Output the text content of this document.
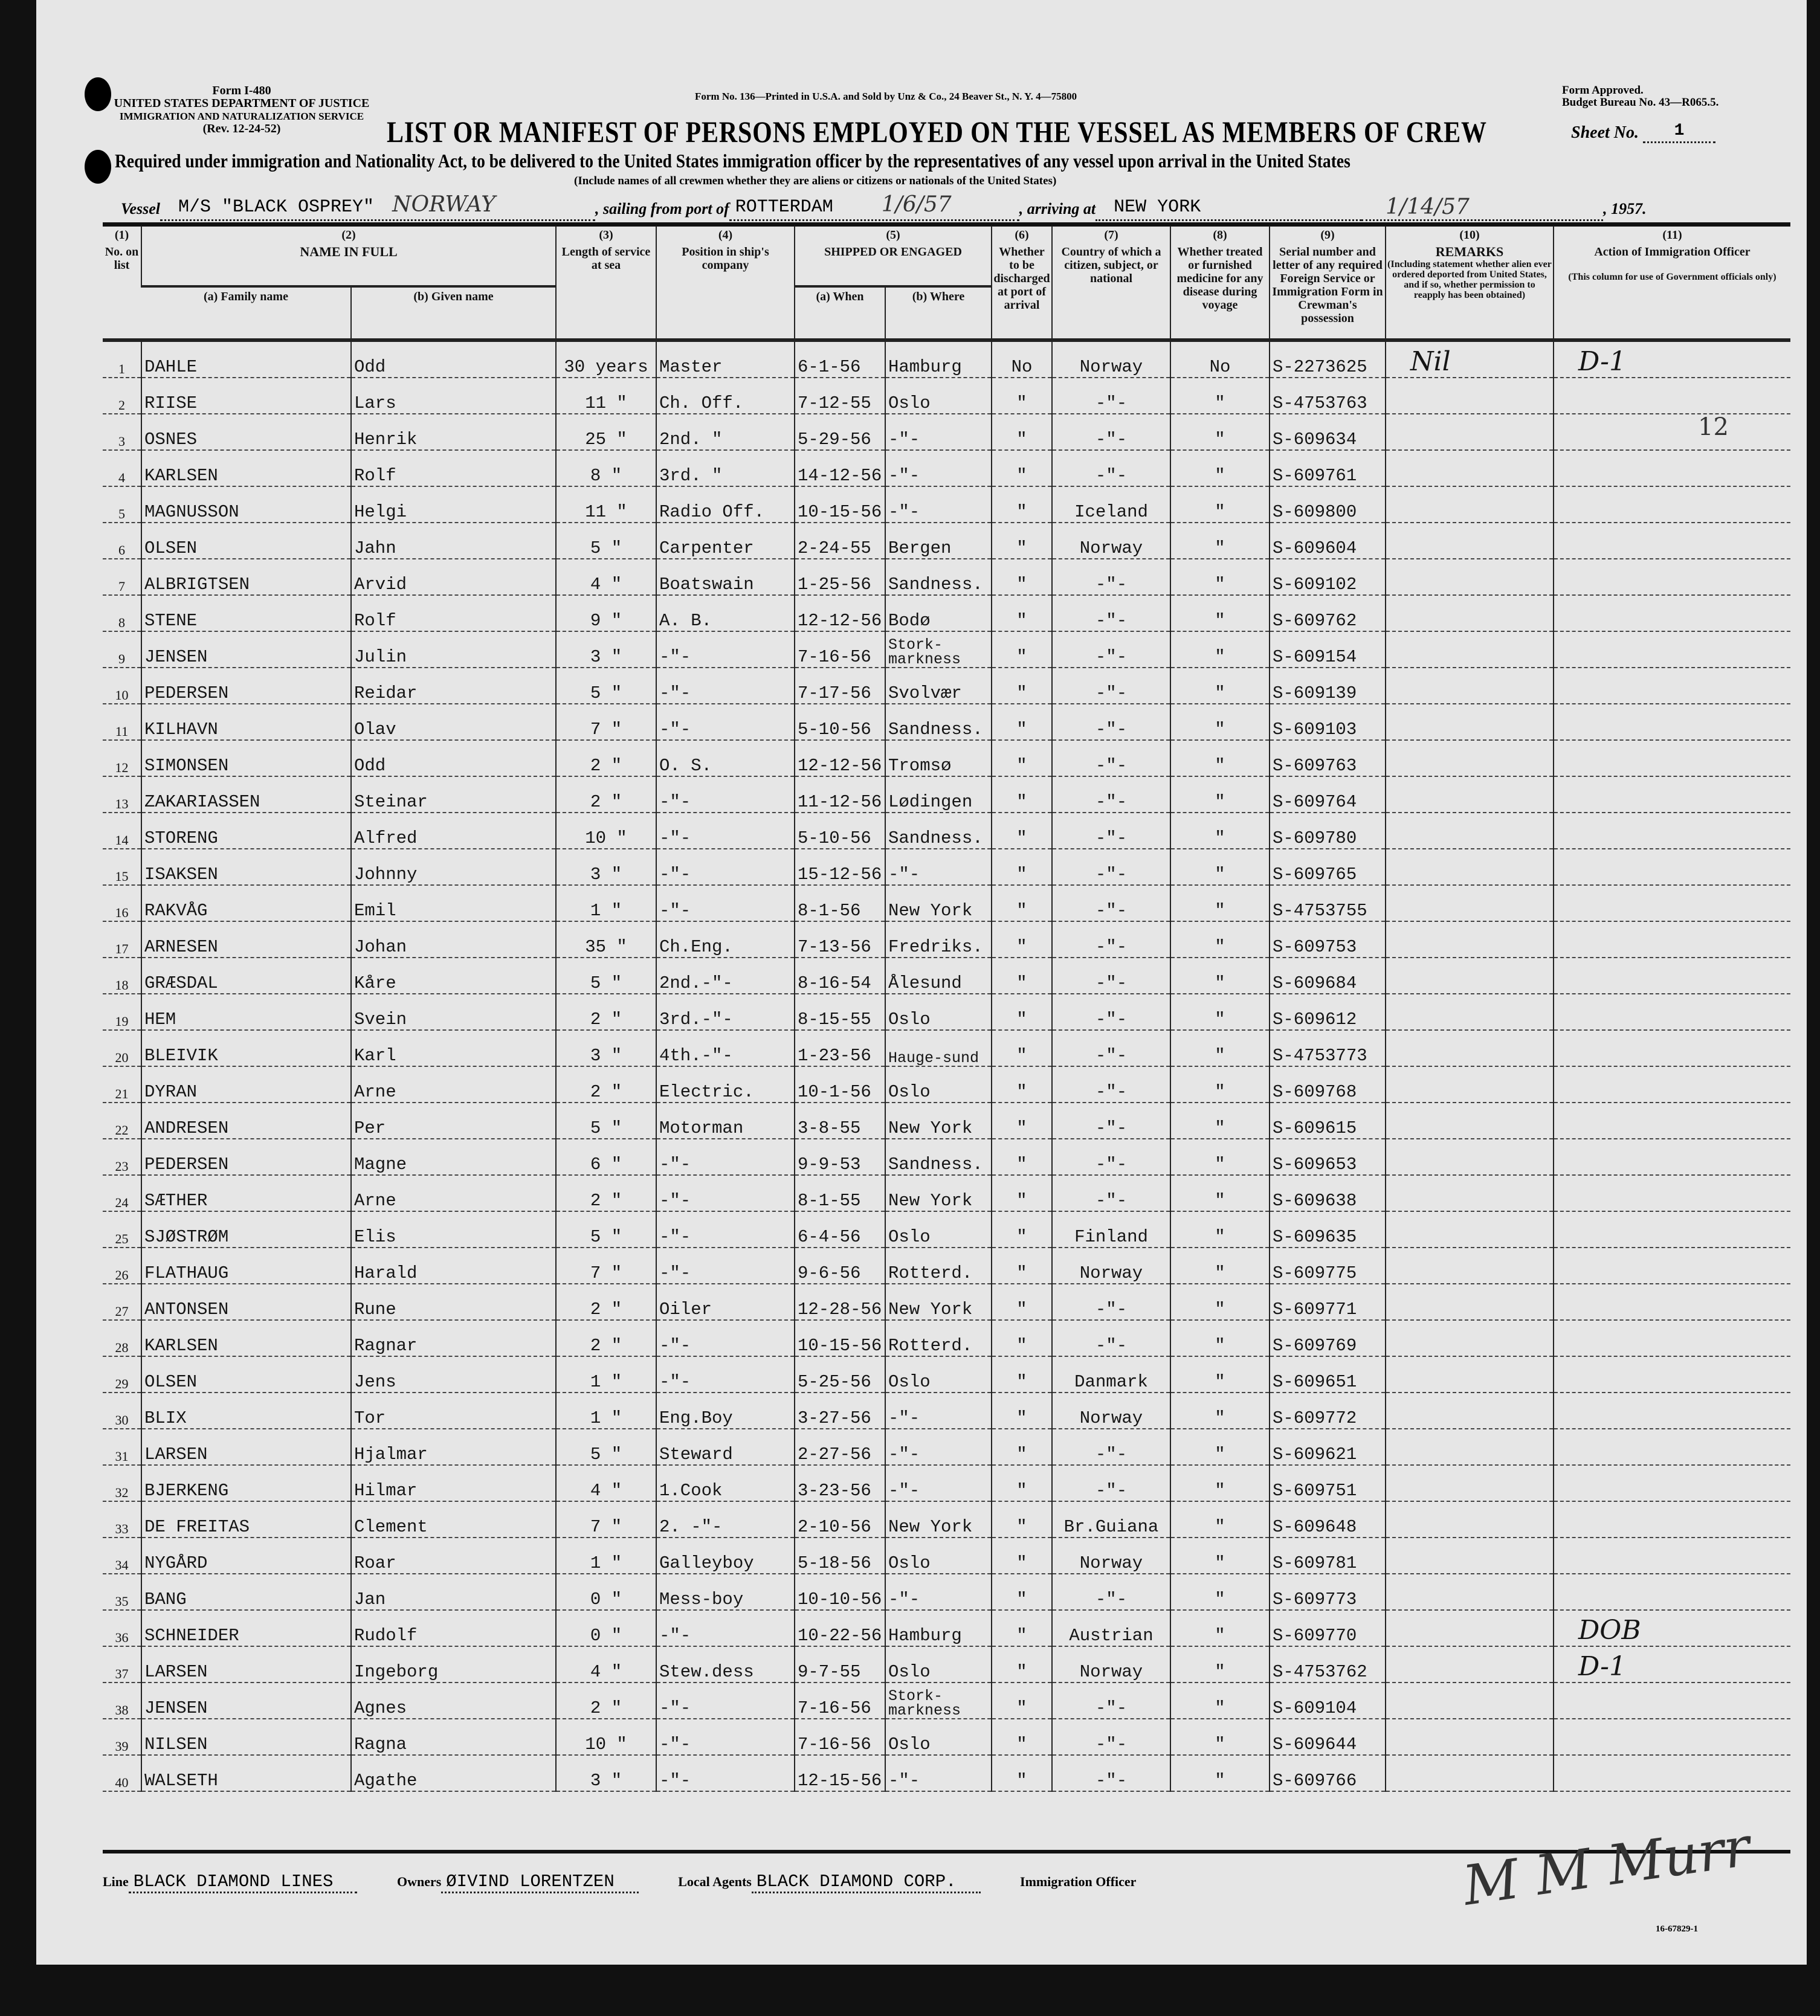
Form I-480
UNITED STATES DEPARTMENT OF JUSTICE
IMMIGRATION AND NATURALIZATION SERVICE
(Rev. 12-24-52)
Form No. 136—Printed in U.S.A. and Sold by Unz & Co., 24 Beaver St., N. Y. 4—75800	Form Approved.
Budget Bureau No. 43—R065.5.
LIST OR MANIFEST OF PERSONS EMPLOYED ON THE VESSEL AS MEMBERS OF CREW	Sheet No. 1
Required under immigration and Nationality Act, to be delivered to the United States immigration officer by the representatives of any vessel upon arrival in the United States
(Include names of all crewmen whether they are aliens or citizens or nationals of the United States)
Vessel M/S "BLACK OSPREY" NORWAY	, sailing from port of ROTTERDAM 1/6/57	, arriving at NEW YORK	1/14/57	, 1957.
12
(1)
No. on list	(2)
NAME IN FULL		(3)
Length of service at sea	(4)
Position in ship's company	(5)
SHIPPED OR ENGAGED		(6)
Whether to be discharged at port of arrival	(7)
Country of which a citizen, subject, or national	(8)
Whether treated or furnished medicine for any disease during voyage	(9)
Serial number and letter of any required Foreign Service or Immigration Form in Crewman's possession	(10)
REMARKS

(Including statement whether alien ever ordered deported from United States, and if so, whether permission to reapply has been obtained)	(11)
Action of Immigration Officer

(This column for use of Government officials only)

	(a) Family name	(b) Given name			(a) When	(b) Where						

1	DAHLE	Odd	30 years	Master	6-1-56	Hamburg	No	Norway	No	S-2273625	Nil	D-1
2	RIISE	Lars	11 "	Ch. Off.	7-12-55	Oslo	"	-"-	"	S-4753763		
3	OSNES	Henrik	25 "	2nd. "	5-29-56	-"-	"	-"-	"	S-609634		
4	KARLSEN	Rolf	8 "	3rd. "	14-12-56	-"-	"	-"-	"	S-609761		
5	MAGNUSSON	Helgi	11 "	Radio Off.	10-15-56	-"-	"	Iceland	"	S-609800		
6	OLSEN	Jahn	5 "	Carpenter	2-24-55	Bergen	"	Norway	"	S-609604		
7	ALBRIGTSEN	Arvid	4 "	Boatswain	1-25-56	Sandness.	"	-"-	"	S-609102		
8	STENE	Rolf	9 "	A. B.	12-12-56	Bodø	"	-"-	"	S-609762		
9	JENSEN	Julin	3 "	-"-	7-16-56	Stork-markness	"	-"-	"	S-609154		
10	PEDERSEN	Reidar	5 "	-"-	7-17-56	Svolvær	"	-"-	"	S-609139		
11	KILHAVN	Olav	7 "	-"-	5-10-56	Sandness.	"	-"-	"	S-609103		
12	SIMONSEN	Odd	2 "	O. S.	12-12-56	Tromsø	"	-"-	"	S-609763		
13	ZAKARIASSEN	Steinar	2 "	-"-	11-12-56	Lødingen	"	-"-	"	S-609764		
14	STORENG	Alfred	10 "	-"-	5-10-56	Sandness.	"	-"-	"	S-609780		
15	ISAKSEN	Johnny	3 "	-"-	15-12-56	-"-	"	-"-	"	S-609765		
16	RAKVÅG	Emil	1 "	-"-	8-1-56	New York	"	-"-	"	S-4753755		
17	ARNESEN	Johan	35 "	Ch.Eng.	7-13-56	Fredriks.	"	-"-	"	S-609753		
18	GRÆSDAL	Kåre	5 "	2nd.-"-	8-16-54	Ålesund	"	-"-	"	S-609684		
19	HEM	Svein	2 "	3rd.-"-	8-15-55	Oslo	"	-"-	"	S-609612		
20	BLEIVIK	Karl	3 "	4th.-"-	1-23-56	Hauge-sund	"	-"-	"	S-4753773		
21	DYRAN	Arne	2 "	Electric.	10-1-56	Oslo	"	-"-	"	S-609768		
22	ANDRESEN	Per	5 "	Motorman	3-8-55	New York	"	-"-	"	S-609615		
23	PEDERSEN	Magne	6 "	-"-	9-9-53	Sandness.	"	-"-	"	S-609653		
24	SÆTHER	Arne	2 "	-"-	8-1-55	New York	"	-"-	"	S-609638		
25	SJØSTRØM	Elis	5 "	-"-	6-4-56	Oslo	"	Finland	"	S-609635		
26	FLATHAUG	Harald	7 "	-"-	9-6-56	Rotterd.	"	Norway	"	S-609775		
27	ANTONSEN	Rune	2 "	Oiler	12-28-56	New York	"	-"-	"	S-609771		
28	KARLSEN	Ragnar	2 "	-"-	10-15-56	Rotterd.	"	-"-	"	S-609769		
29	OLSEN	Jens	1 "	-"-	5-25-56	Oslo	"	Danmark	"	S-609651		
30	BLIX	Tor	1 "	Eng.Boy	3-27-56	-"-	"	Norway	"	S-609772		
31	LARSEN	Hjalmar	5 "	Steward	2-27-56	-"-	"	-"-	"	S-609621		
32	BJERKENG	Hilmar	4 "	1.Cook	3-23-56	-"-	"	-"-	"	S-609751		
33	DE FREITAS	Clement	7 "	2. -"-	2-10-56	New York	"	Br.Guiana	"	S-609648		
34	NYGÅRD	Roar	1 "	Galleyboy	5-18-56	Oslo	"	Norway	"	S-609781		
35	BANG	Jan	0 "	Mess-boy	10-10-56	-"-	"	-"-	"	S-609773		
36	SCHNEIDER	Rudolf	0 "	-"-	10-22-56	Hamburg	"	Austrian	"	S-609770		DOB
37	LARSEN	Ingeborg	4 "	Stew.dess	9-7-55	Oslo	"	Norway	"	S-4753762		D-1
38	JENSEN	Agnes	2 "	-"-	7-16-56	Stork-markness	"	-"-	"	S-609104		
39	NILSEN	Ragna	10 "	-"-	7-16-56	Oslo	"	-"-	"	S-609644		
40	WALSETH	Agathe	3 "	-"-	12-15-56	-"-	"	-"-	"	S-609766		
Line BLACK DIAMOND LINES	Owners ØIVIND LORENTZEN	Local Agents BLACK DIAMOND CORP.	Immigration Officer	M M Murr
16-67829-1
